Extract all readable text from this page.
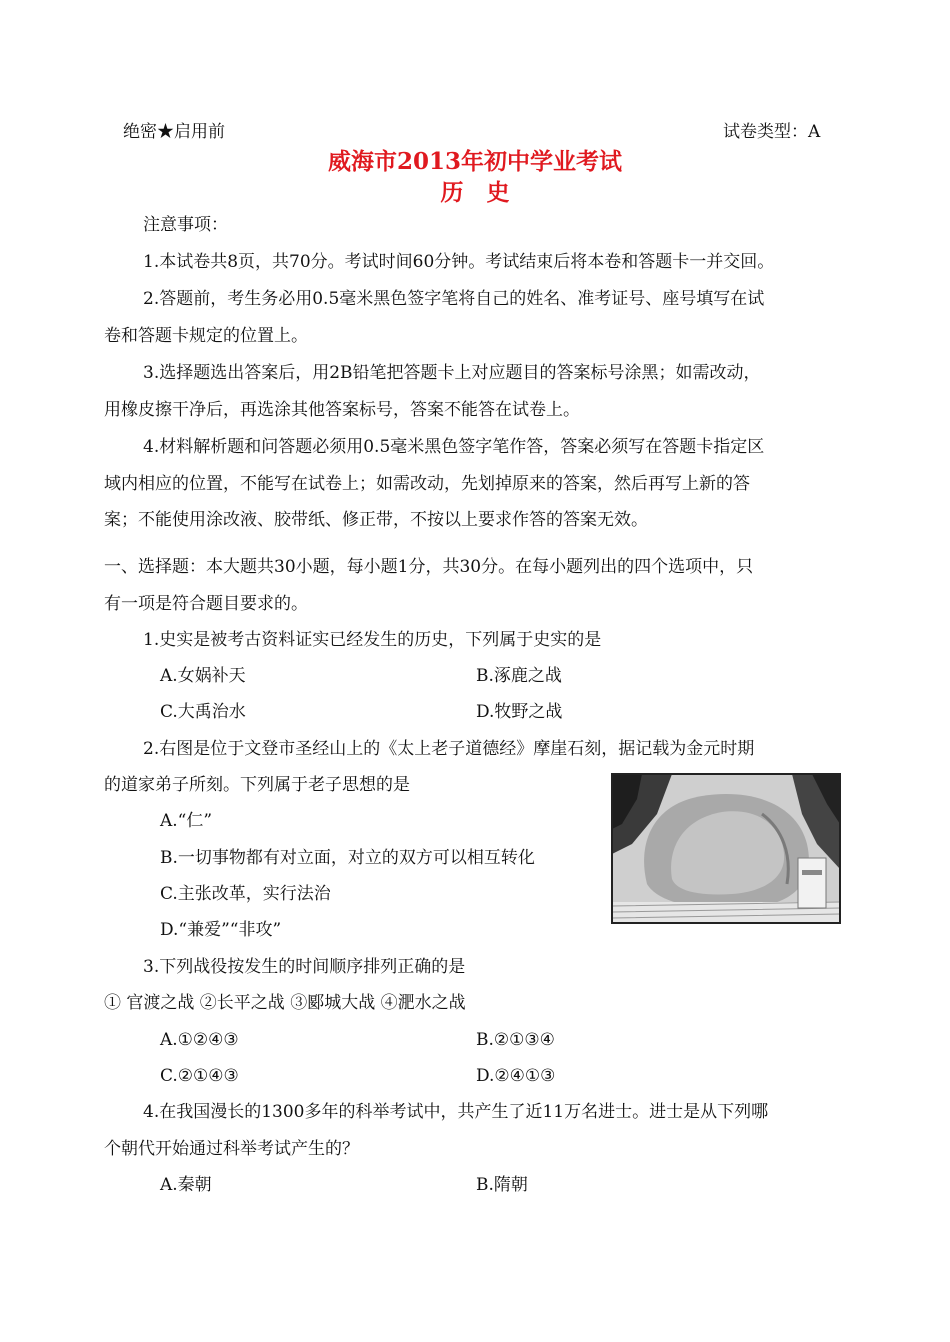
绝密★启用前	试卷类型：A
威海市2013年初中学业考试
历　史
注意事项：
1.本试卷共8页，共70分。考试时间60分钟。考试结束后将本卷和答题卡一并交回。
2.答题前，考生务必用0.5毫米黑色签字笔将自己的姓名、准考证号、座号填写在试
卷和答题卡规定的位置上。
3.选择题选出答案后，用2B铅笔把答题卡上对应题目的答案标号涂黑；如需改动，
用橡皮擦干净后，再选涂其他答案标号，答案不能答在试卷上。
4.材料解析题和问答题必须用0.5毫米黑色签字笔作答，答案必须写在答题卡指定区
域内相应的位置，不能写在试卷上；如需改动，先划掉原来的答案，然后再写上新的答
案；不能使用涂改液、胶带纸、修正带，不按以上要求作答的答案无效。
一、选择题：本大题共30小题，每小题1分，共30分。在每小题列出的四个选项中，只
有一项是符合题目要求的。
1.史实是被考古资料证实已经发生的历史，下列属于史实的是
A.女娲补天	B.涿鹿之战
C.大禹治水	D.牧野之战
2.右图是位于文登市圣经山上的《太上老子道德经》摩崖石刻，据记载为金元时期
的道家弟子所刻。下列属于老子思想的是
A.“仁”
B.一切事物都有对立面，对立的双方可以相互转化
C.主张改革，实行法治
D.“兼爱”“非攻”
3.下列战役按发生的时间顺序排列正确的是
① 官渡之战 ②长平之战 ③郾城大战 ④淝水之战
A.①②④③	B.②①③④
C.②①④③	D.②④①③
4.在我国漫长的1300多年的科举考试中，共产生了近11万名进士。进士是从下列哪
个朝代开始通过科举考试产生的？
A.秦朝	B.隋朝
